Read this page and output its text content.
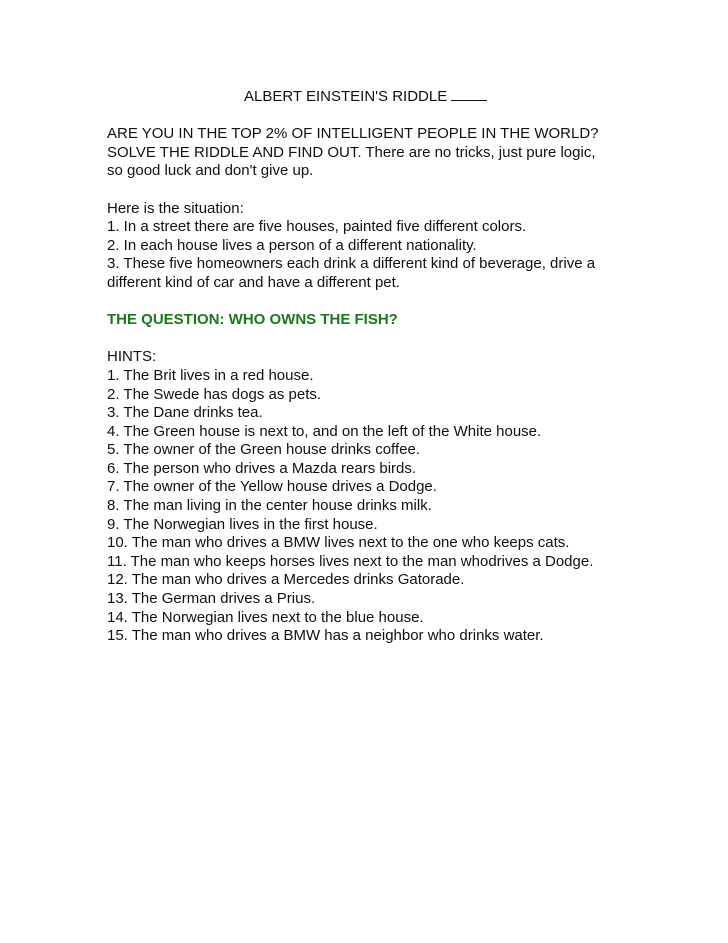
ALBERT EINSTEIN'S RIDDLE
ARE YOU IN THE TOP 2% OF INTELLIGENT PEOPLE IN THE WORLD?
SOLVE THE RIDDLE AND FIND OUT. There are no tricks, just pure logic,
so good luck and don't give up.
Here is the situation:
1. In a street there are five houses, painted five different colors.
2. In each house lives a person of a different nationality.
3. These five homeowners each drink a different kind of beverage, drive a
different kind of car and have a different pet.
THE QUESTION: WHO OWNS THE FISH?
HINTS:
1. The Brit lives in a red house.
2. The Swede has dogs as pets.
3. The Dane drinks tea.
4. The Green house is next to, and on the left of the White house.
5. The owner of the Green house drinks coffee.
6. The person who drives a Mazda rears birds.
7. The owner of the Yellow house drives a Dodge.
8. The man living in the center house drinks milk.
9. The Norwegian lives in the first house.
10. The man who drives a BMW lives next to the one who keeps cats.
11. The man who keeps horses lives next to the man whodrives a Dodge.
12. The man who drives a Mercedes drinks Gatorade.
13. The German drives a Prius.
14. The Norwegian lives next to the blue house.
15. The man who drives a BMW has a neighbor who drinks water.
